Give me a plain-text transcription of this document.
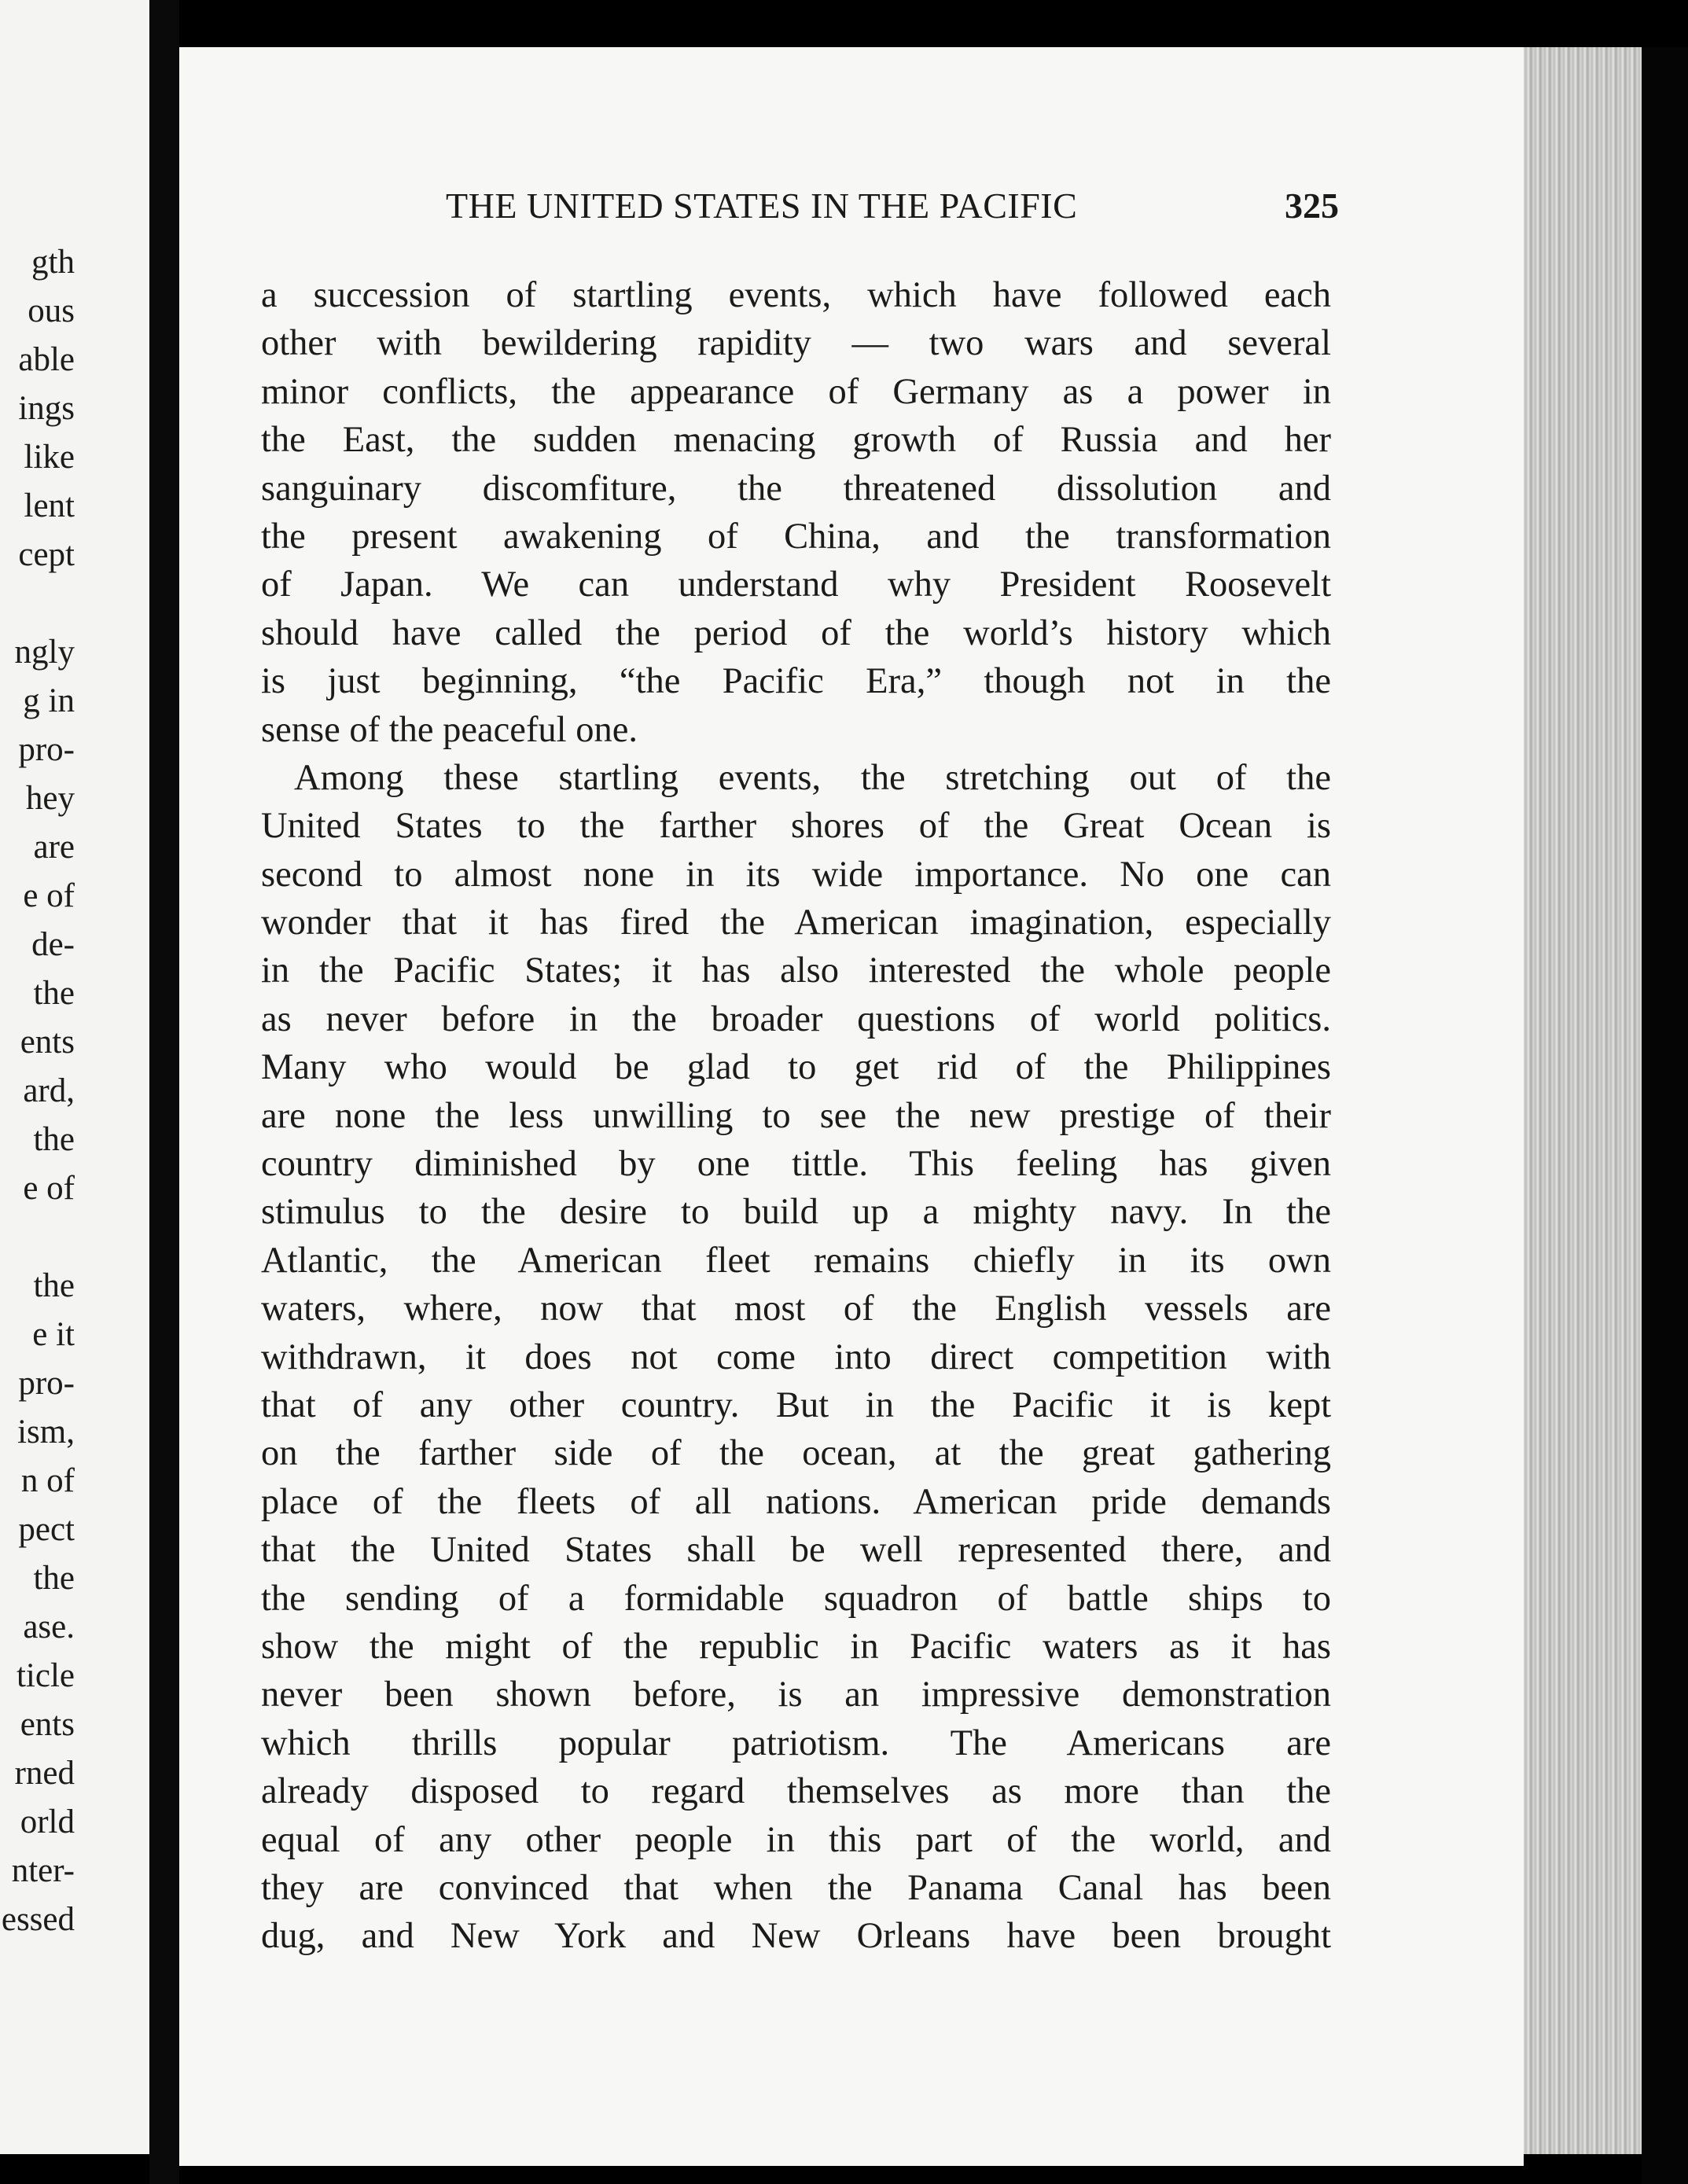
gth
ous
able
ings
like
lent
cept
ngly
g in
pro-
hey
are
e of
de-
the
ents
ard,
the
e of
the
e it
pro-
ism,
n of
pect
the
ase.
ticle
ents
rned
orld
nter-
essed
THE UNITED STATES IN THE PACIFIC	325
a succession of startling events, which have followed each
other with bewildering rapidity — two wars and several
minor conflicts, the appearance of Germany as a power in
the East, the sudden menacing growth of Russia and her
sanguinary discomfiture, the threatened dissolution and
the present awakening of China, and the transformation
of Japan. We can understand why President Roosevelt
should have called the period of the world’s history which
is just beginning, “the Pacific Era,” though not in the
sense of the peaceful one.
Among these startling events, the stretching out of the
United States to the farther shores of the Great Ocean is
second to almost none in its wide importance. No one can
wonder that it has fired the American imagination, especially
in the Pacific States; it has also interested the whole people
as never before in the broader questions of world politics.
Many who would be glad to get rid of the Philippines
are none the less unwilling to see the new prestige of their
country diminished by one tittle. This feeling has given
stimulus to the desire to build up a mighty navy. In the
Atlantic, the American fleet remains chiefly in its own
waters, where, now that most of the English vessels are
withdrawn, it does not come into direct competition with
that of any other country. But in the Pacific it is kept
on the farther side of the ocean, at the great gathering
place of the fleets of all nations. American pride demands
that the United States shall be well represented there, and
the sending of a formidable squadron of battle ships to
show the might of the republic in Pacific waters as it has
never been shown before, is an impressive demonstration
which thrills popular patriotism. The Americans are
already disposed to regard themselves as more than the
equal of any other people in this part of the world, and
they are convinced that when the Panama Canal has been
dug, and New York and New Orleans have been brought
